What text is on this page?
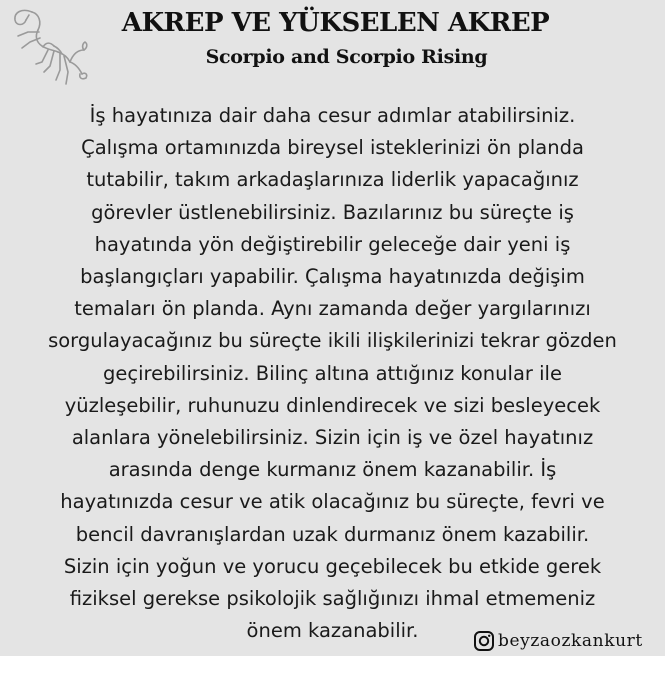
AKREP VE YÜKSELEN AKREP
Scorpio and Scorpio Rising

İş hayatınıza dair daha cesur adımlar atabilirsiniz.
Çalışma ortamınızda bireysel isteklerinizi ön planda
tutabilir, takım arkadaşlarınıza liderlik yapacağınız
görevler üstlenebilirsiniz. Bazılarınız bu süreçte iş
hayatında yön değiştirebilir geleceğe dair yeni iş
başlangıçları yapabilir. Çalışma hayatınızda değişim
temaları ön planda. Aynı zamanda değer yargılarınızı
sorgulayacağınız bu süreçte ikili ilişkilerinizi tekrar gözden
geçirebilirsiniz. Bilinç altına attığınız konular ile
yüzleşebilir, ruhunuzu dinlendirecek ve sizi besleyecek
alanlara yönelebilirsiniz. Sizin için iş ve özel hayatınız
arasında denge kurmanız önem kazanabilir. İş
hayatınızda cesur ve atik olacağınız bu süreçte, fevri ve
bencil davranışlardan uzak durmanız önem kazabilir.
Sizin için yoğun ve yorucu geçebilecek bu etkide gerek
fiziksel gerekse psikolojik sağlığınızı ihmal etmemeniz
önem kazanabilir.	beyzaozkankurt
